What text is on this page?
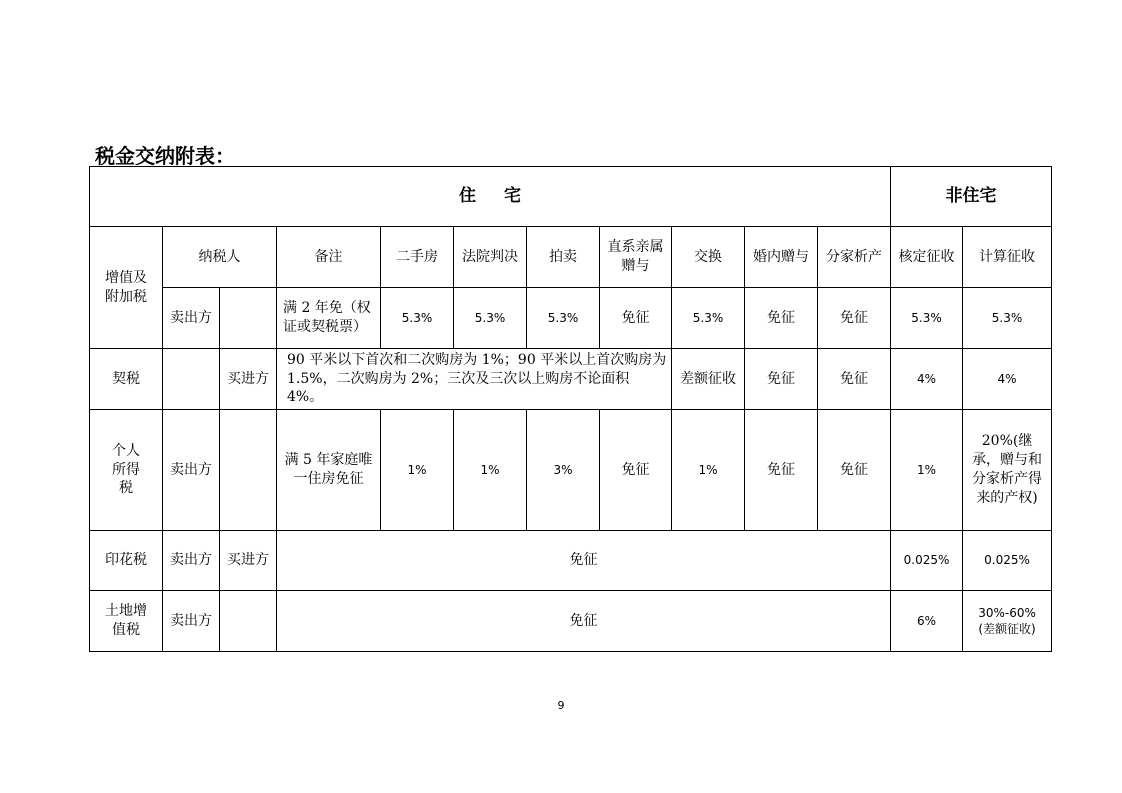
税金交纳附表：
住宅											非住宅	
增值及附加税	纳税人		备注	二手房	法院判决	拍卖	直系亲属赠与	交换	婚内赠与	分家析产	核定征收	计算征收
	卖出方		满 2 年免（权证或契税票）	5.3%	5.3%	5.3%	免征	5.3%	免征	免征	5.3%	5.3%
契税		买进方	90 平米以下首次和二次购房为 1%；90 平米以上首次购房为 1.5%，二次购房为 2%；三次及三次以上购房不论面积 4%。					差额征收	免征	免征	4%	4%
个人所得税	卖出方		满 5 年家庭唯一住房免征	1%	1%	3%	免征	1%	免征	免征	1%	20%(继承，赠与和分家析产得来的产权)
印花税	卖出方	买进方	免征								0.025%	0.025%
土地增值税	卖出方		免征								6%	30%-60%(差额征收)
9
